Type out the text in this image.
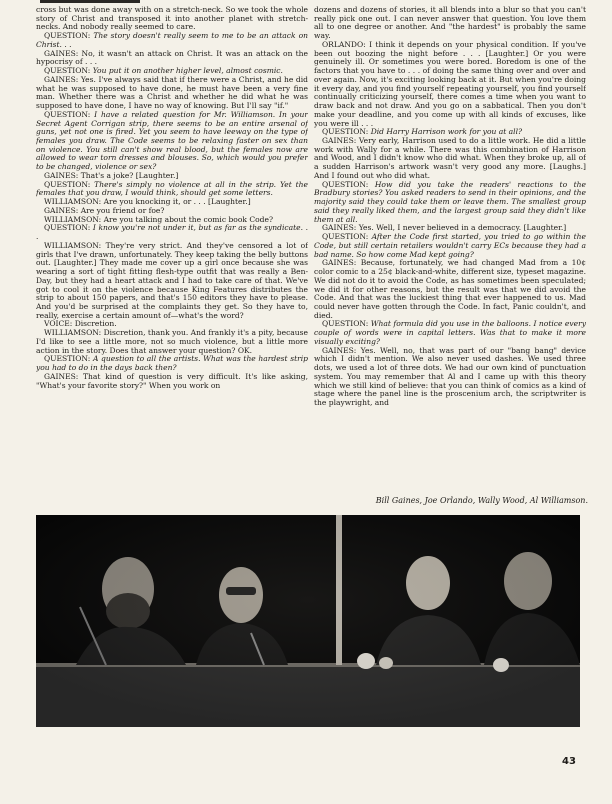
cross but was done away with on a stretch-neck. So we took the whole story of Christ and transposed it into another planet with stretch-necks. And nobody really seemed to care.

QUESTION: The story doesn't really seem to me to be an attack on Christ. . .

GAINES: No, it wasn't an attack on Christ. It was an attack on the hypocrisy of . . .

QUESTION: You put it on another higher level, almost cosmic.

GAINES: Yes. I've always said that if there were a Christ, and he did what he was supposed to have done, he must have been a very fine man. Whether there was a Christ and whether he did what he was supposed to have done, I have no way of knowing. But I'll say "if."

QUESTION: I have a related question for Mr. Williamson. In your Secret Agent Corrigan strip, there seems to be an entire arsenal of guns, yet not one is fired. Yet you seem to have leeway on the type of females you draw. The Code seems to be relaxing faster on sex than on violence. You still can't show real blood, but the females now are allowed to wear torn dresses and blouses. So, which would you prefer to be changed, violence or sex?

GAINES: That's a joke? [Laughter.]

QUESTION: There's simply no violence at all in the strip. Yet the females that you draw, I would think, should get some letters.

WILLIAMSON: Are you knocking it, or . . . [Laughter.]

GAINES: Are you friend or foe?

WILLIAMSON: Are you talking about the comic book Code?

QUESTION: I know you're not under it, but as far as the syndicate. . .

WILLIAMSON: They're very strict. And they've censored a lot of girls that I've drawn, unfortunately. They keep taking the belly buttons out. [Laughter.] They made me cover up a girl once because she was wearing a sort of tight fitting flesh-type outfit that was really a Ben-Day, but they had a heart attack and I had to take care of that. We've got to cool it on the violence because King Features distributes the strip to about 150 papers, and that's 150 editors they have to please. And you'd be surprised at the complaints they get. So they have to, really, exercise a certain amount of—what's the word?

VOICE: Discretion.

WILLIAMSON: Discretion, thank you. And frankly it's a pity, because I'd like to see a little more, not so much violence, but a little more action in the story. Does that answer your question? OK.

QUESTION: A question to all the artists. What was the hardest strip you had to do in the days back then?

GAINES: That kind of question is very difficult. It's like asking, "What's your favorite story?" When you work on

dozens and dozens of stories, it all blends into a blur so that you can't really pick one out. I can never answer that question. You love them all to one degree or another. And "the hardest" is probably the same way.

ORLANDO: I think it depends on your physical condition. If you've been out boozing the night before . . . [Laughter.] Or you were genuinely ill. Or sometimes you were bored. Boredom is one of the factors that you have to . . . of doing the same thing over and over and over again. Now, it's exciting looking back at it. But when you're doing it every day, and you find yourself repeating yourself, you find yourself continually criticizing yourself, there comes a time when you want to draw back and not draw. And you go on a sabbatical. Then you don't make your deadline, and you come up with all kinds of excuses, like you were ill . . .

QUESTION: Did Harry Harrison work for you at all?

GAINES: Very early, Harrison used to do a little work. He did a little work with Wally for a while. There was this combination of Harrison and Wood, and I didn't know who did what. When they broke up, all of a sudden Harrison's artwork wasn't very good any more. [Laughs.] And I found out who did what.

QUESTION: How did you take the readers' reactions to the Bradbury stories? You asked readers to send in their opinions, and the majority said they could take them or leave them. The smallest group said they really liked them, and the largest group said they didn't like them at all.

GAINES: Yes. Well, I never believed in a democracy. [Laughter.]

QUESTION: After the Code first started, you tried to go within the Code, but still certain retailers wouldn't carry ECs because they had a bad name. So how come Mad kept going?

GAINES: Because, fortunately, we had changed Mad from a 10¢ color comic to a 25¢ black-and-white, different size, typeset magazine. We did not do it to avoid the Code, as has sometimes been speculated; we did it for other reasons, but the result was that we did avoid the Code. And that was the luckiest thing that ever happened to us. Mad could never have gotten through the Code. In fact, Panic couldn't, and died.

QUESTION: What formula did you use in the balloons. I notice every couple of words were in capital letters. Was that to make it more visually exciting?

GAINES: Yes. Well, no, that was part of our "bang bang" device which I didn't mention. We also never used dashes. We used three dots, we used a lot of three dots. We had our own kind of punctuation system. You may remember that Al and I came up with this theory which we still kind of believe: that you can think of comics as a kind of stage where the panel line is the proscenium arch, the scriptwriter is the playwright, and

Bill Gaines, Joe Orlando, Wally Wood, Al Williamson.
43
